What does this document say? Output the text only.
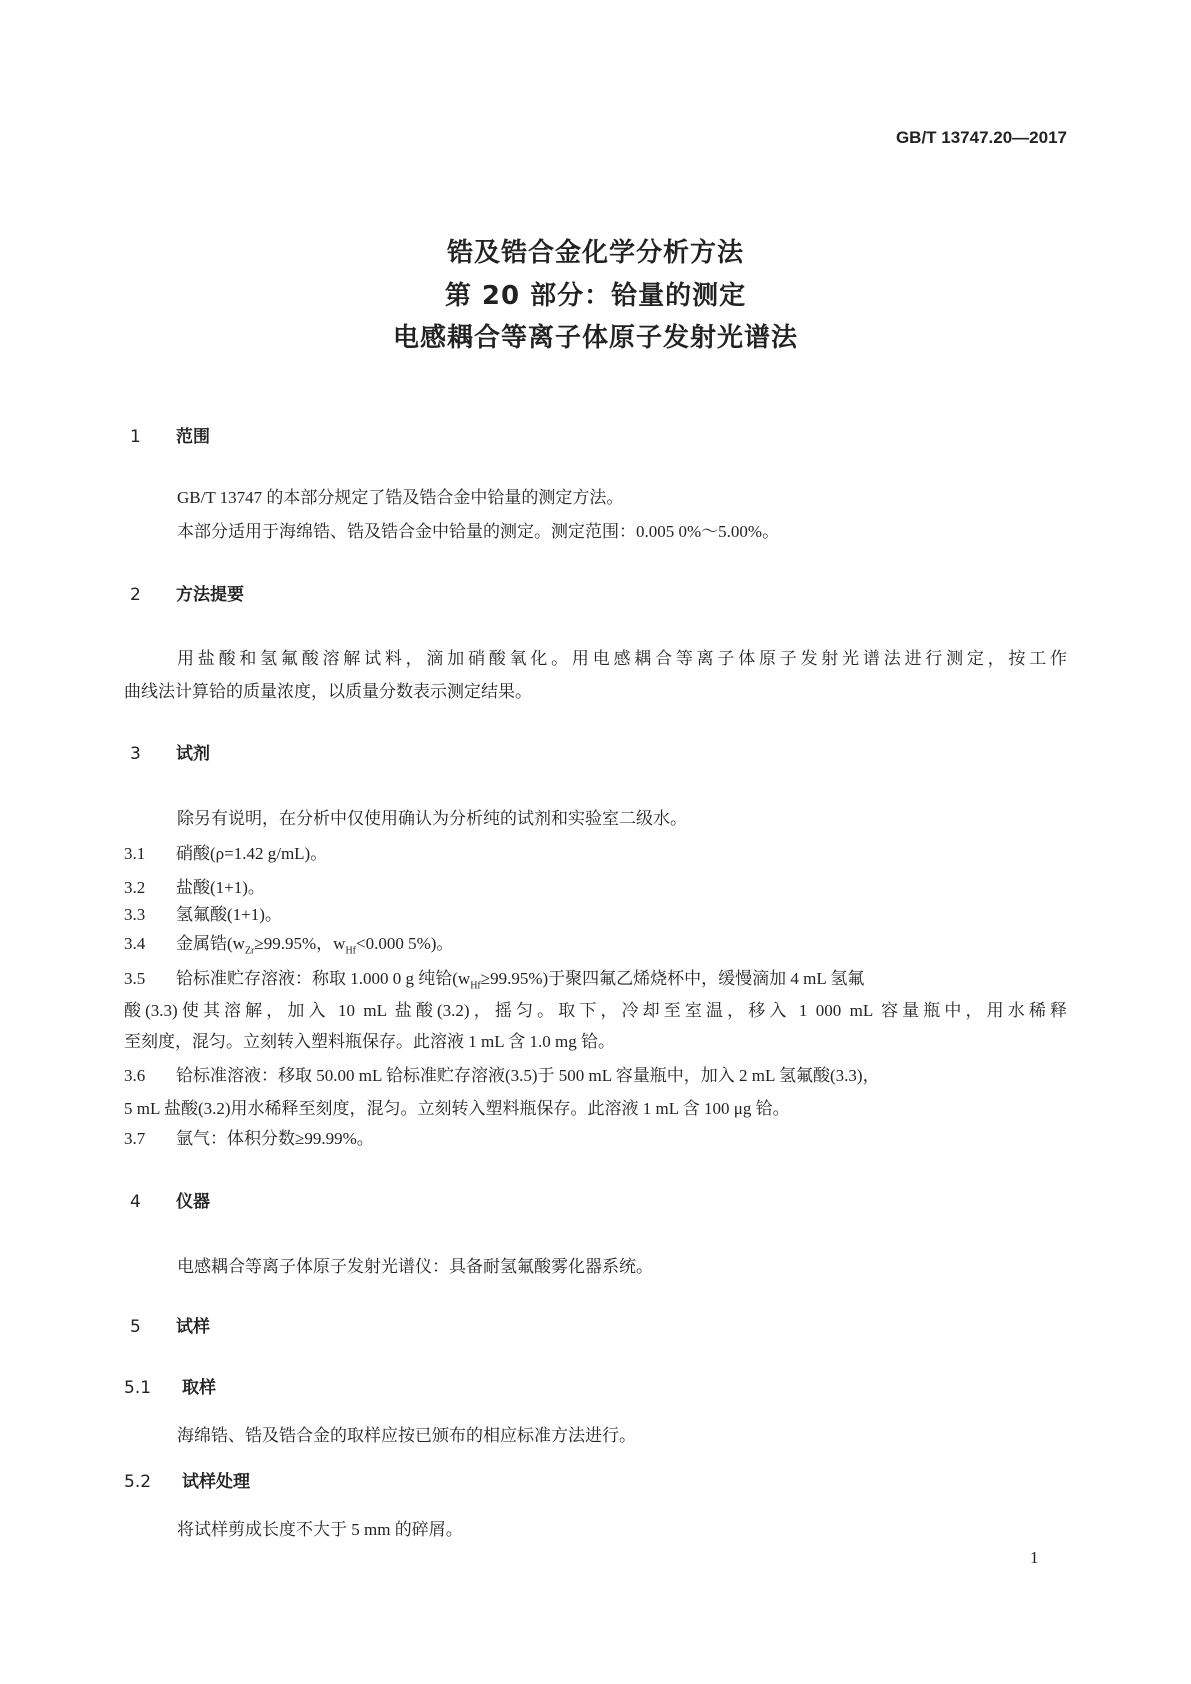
GB/T 13747.20—2017
锆及锆合金化学分析方法
第 20 部分：铪量的测定
电感耦合等离子体原子发射光谱法
1 范围
GB/T 13747 的本部分规定了锆及锆合金中铪量的测定方法。
本部分适用于海绵锆、锆及锆合金中铪量的测定。测定范围：0.005 0%～5.00%。
2 方法提要
用盐酸和氢氟酸溶解试料，滴加硝酸氧化。用电感耦合等离子体原子发射光谱法进行测定，按工作
曲线法计算铪的质量浓度，以质量分数表示测定结果。
3 试剂
除另有说明，在分析中仅使用确认为分析纯的试剂和实验室二级水。
3.1 硝酸(ρ=1.42 g/mL)。
3.2 盐酸(1+1)。
3.3 氢氟酸(1+1)。
3.4 金属锆($w_{Zr}\ge 99.95\%$，$w_{Hf}<0.000$ 5%)。
3.5 铪标准贮存溶液：称取 1.000 0 g 纯铪$(w_{Hf}\ge 99.95\%)$于聚四氟乙烯烧杯中，缓慢滴加 4 mL 氢氟
酸(3.3)使其溶解，加入 10 mL 盐酸(3.2)，摇匀。取下，冷却至室温，移入 1 000 mL 容量瓶中，用水稀释
至刻度，混匀。立刻转入塑料瓶保存。此溶液 1 mL 含 1.0 mg 铪。
3.6 铪标准溶液：移取 50.00 mL 铪标准贮存溶液(3.5)于 500 mL 容量瓶中，加入 2 mL 氢氟酸(3.3)，
5 mL 盐酸(3.2)用水稀释至刻度，混匀。立刻转入塑料瓶保存。此溶液 1 mL 含 100 μg 铪。
3.7 氩气：体积分数≥99.99%。
4 仪器
电感耦合等离子体原子发射光谱仪：具备耐氢氟酸雾化器系统。
5 试样
5.1 取样
海绵锆、锆及锆合金的取样应按已颁布的相应标准方法进行。
5.2 试样处理
将试样剪成长度不大于 5 mm 的碎屑。
1
